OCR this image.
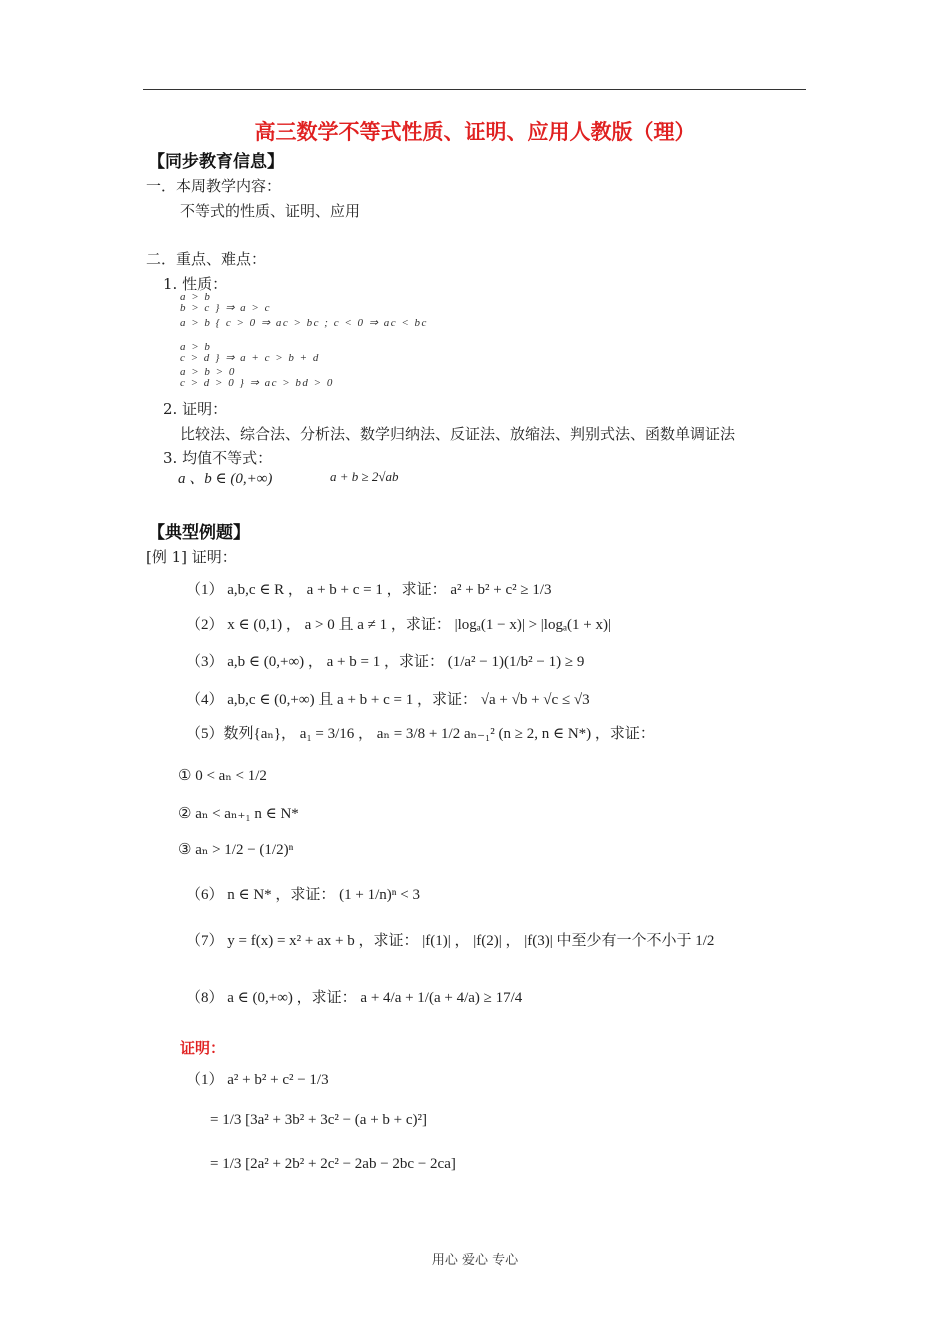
高三数学不等式性质、证明、应用人教版（理）
【同步教育信息】
一．本周教学内容：
不等式的性质、证明、应用
二．重点、难点：
1. 性质：
a > b
b > c } ⇒ a > c
a > b { c > 0 ⇒ ac > bc ; c < 0 ⇒ ac < bc
a > b
c > d } ⇒ a + c > b + d
a > b > 0
c > d > 0 } ⇒ ac > bd > 0
2. 证明：
比较法、综合法、分析法、数学归纳法、反证法、放缩法、判别式法、函数单调证法
3. 均值不等式：
a 、b ∈ (0,+∞)	a + b ≥ 2√ab
【典型例题】
[例 1] 证明：
（1） a,b,c ∈ R ， a + b + c = 1 ，求证： a² + b² + c² ≥ 1/3
（2） x ∈ (0,1) ， a > 0 且 a ≠ 1 ，求证： |logₐ(1 − x)| > |logₐ(1 + x)|
（3） a,b ∈ (0,+∞) ， a + b = 1 ，求证： (1/a² − 1)(1/b² − 1) ≥ 9
（4） a,b,c ∈ (0,+∞) 且 a + b + c = 1 ，求证： √a + √b + √c ≤ √3
（5）数列{aₙ}， a₁ = 3/16 ， aₙ = 3/8 + 1/2 aₙ₋₁² (n ≥ 2, n ∈ N*) ，求证：
① 0 < aₙ < 1/2
② aₙ < aₙ₊₁ n ∈ N*
③ aₙ > 1/2 − (1/2)ⁿ
（6） n ∈ N* ，求证： (1 + 1/n)ⁿ < 3
（7） y = f(x) = x² + ax + b ，求证： |f(1)| ， |f(2)| ， |f(3)| 中至少有一个不小于 1/2
（8） a ∈ (0,+∞) ，求证： a + 4/a + 1/(a + 4/a) ≥ 17/4
证明：
（1） a² + b² + c² − 1/3
= 1/3 [3a² + 3b² + 3c² − (a + b + c)²]
= 1/3 [2a² + 2b² + 2c² − 2ab − 2bc − 2ca]
用心 爱心 专心
